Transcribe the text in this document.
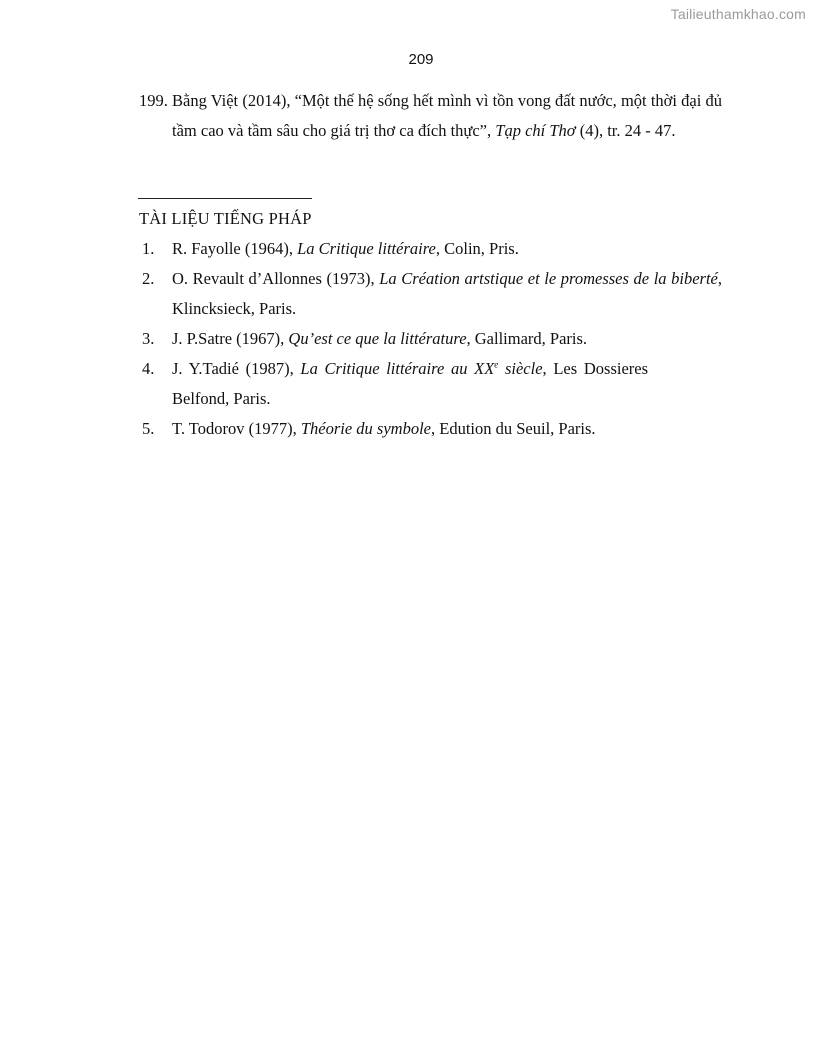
Tailieuthamkhao.com
209
199. Bằng Việt (2014), “Một thế hệ sống hết mình vì tồn vong đất nước, một thời đại đủ tầm cao và tầm sâu cho giá trị thơ ca đích thực”, Tạp chí Thơ (4), tr. 24 - 47.
TÀI LIỆU TIẾNG PHÁP
1. R. Fayolle (1964), La Critique littéraire, Colin, Pris.
2. O. Revault d’Allonnes (1973), La Création artstique et le promesses de la biberté, Klincksieck, Paris.
3. J. P.Satre (1967), Qu’est ce que la littérature, Gallimard, Paris.
4. J. Y.Tadié (1987), La Critique littéraire au XXe siècle, Les Dossieres Belfond, Paris.
5. T. Todorov (1977), Théorie du symbole, Edution du Seuil, Paris.
